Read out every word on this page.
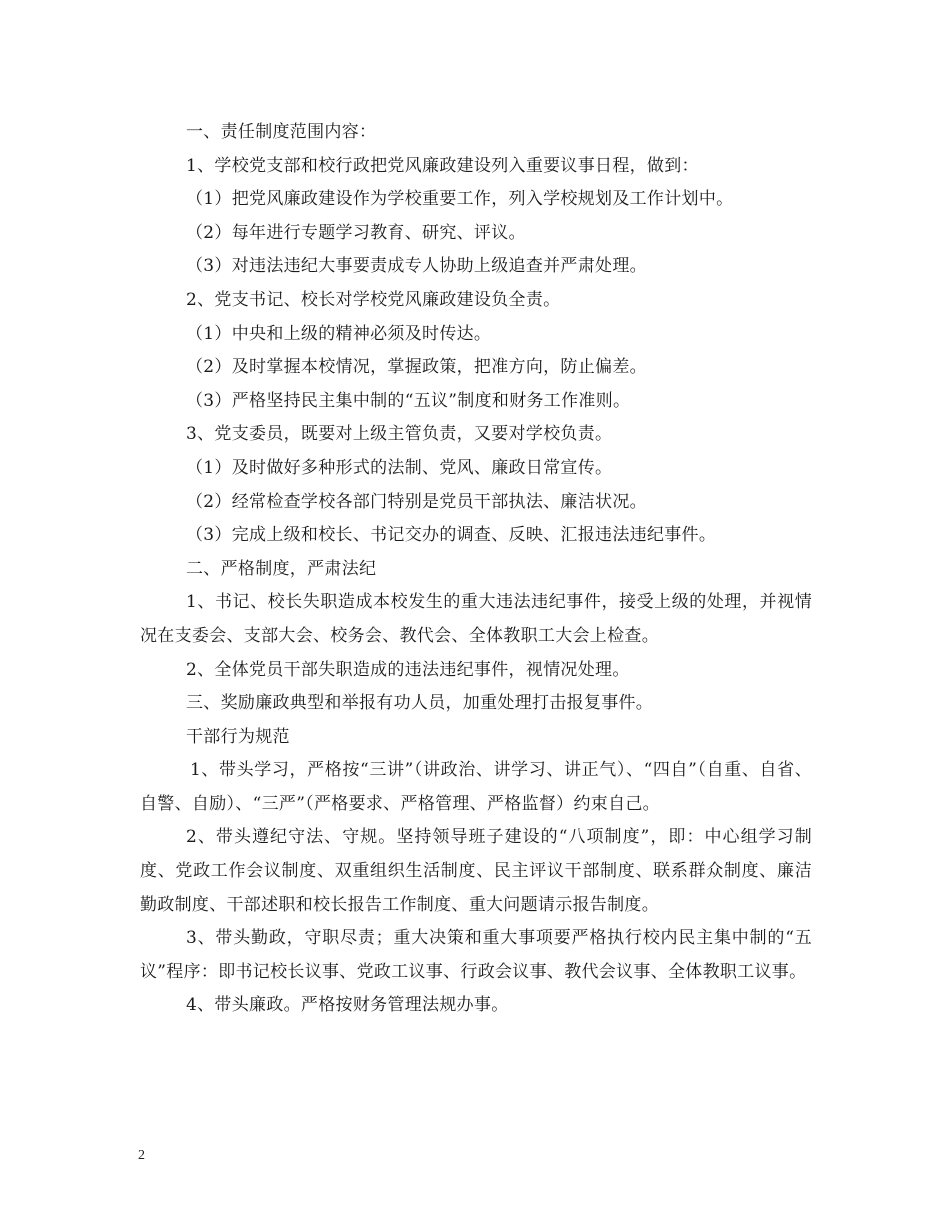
一、责任制度范围内容：

1、学校党支部和校行政把党风廉政建设列入重要议事日程，做到：

（1）把党风廉政建设作为学校重要工作，列入学校规划及工作计划中。

（2）每年进行专题学习教育、研究、评议。

（3）对违法违纪大事要责成专人协助上级追查并严肃处理。

2、党支书记、校长对学校党风廉政建设负全责。

（1）中央和上级的精神必须及时传达。

（2）及时掌握本校情况，掌握政策，把准方向，防止偏差。

（3）严格坚持民主集中制的“五议”制度和财务工作准则。

3、党支委员，既要对上级主管负责，又要对学校负责。

（1）及时做好多种形式的法制、党风、廉政日常宣传。

（2）经常检查学校各部门特别是党员干部执法、廉洁状况。

（3）完成上级和校长、书记交办的调查、反映、汇报违法违纪事件。

二、严格制度，严肃法纪

1、书记、校长失职造成本校发生的重大违法违纪事件，接受上级的处理，并视情况在支委会、支部大会、校务会、教代会、全体教职工大会上检查。

2、全体党员干部失职造成的违法违纪事件，视情况处理。

三、奖励廉政典型和举报有功人员，加重处理打击报复事件。

干部行为规范

1、带头学习，严格按“三讲”（讲政治、讲学习、讲正气）、“四自”（自重、自省、自警、自励）、“三严”（严格要求、严格管理、严格监督）约束自己。

2、带头遵纪守法、守规。坚持领导班子建设的“八项制度”，即：中心组学习制度、党政工作会议制度、双重组织生活制度、民主评议干部制度、联系群众制度、廉洁勤政制度、干部述职和校长报告工作制度、重大问题请示报告制度。

3、带头勤政，守职尽责；重大决策和重大事项要严格执行校内民主集中制的“五议”程序：即书记校长议事、党政工议事、行政会议事、教代会议事、全体教职工议事。

4、带头廉政。严格按财务管理法规办事。

2
